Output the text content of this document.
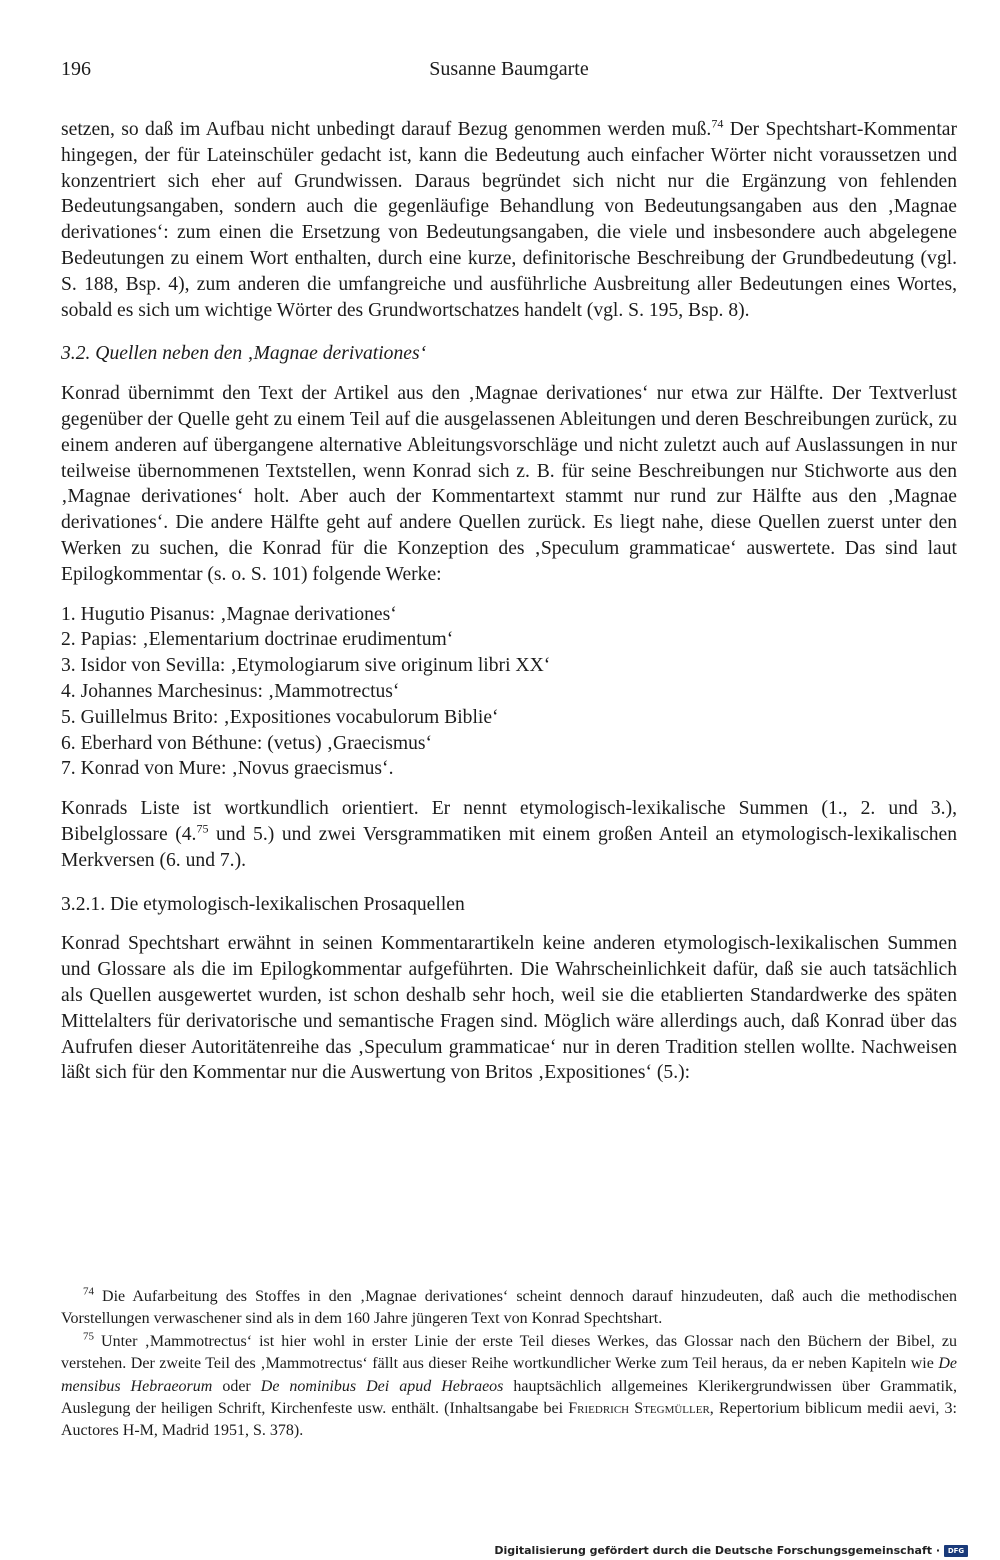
196	Susanne Baumgarte

setzen, so daß im Aufbau nicht unbedingt darauf Bezug genommen werden muß.$^{74}$ Der Spechtshart-Kommentar hingegen, der für Lateinschüler gedacht ist, kann die Bedeutung auch einfacher Wörter nicht voraussetzen und konzentriert sich eher auf Grundwissen. Daraus begründet sich nicht nur die Ergänzung von fehlenden Bedeutungsangaben, sondern auch die gegenläufige Behandlung von Bedeutungsangaben aus den ‚Magnae derivationes‘: zum einen die Ersetzung von Bedeutungsangaben, die viele und insbesondere auch abgelegene Bedeutungen zu einem Wort enthalten, durch eine kurze, definitorische Beschreibung der Grundbedeutung (vgl. S. 188, Bsp. 4), zum anderen die umfangreiche und ausführliche Ausbreitung aller Bedeutungen eines Wortes, sobald es sich um wichtige Wörter des Grundwortschatzes handelt (vgl. S. 195, Bsp. 8).

3.2. Quellen neben den ‚Magnae derivationes‘

Konrad übernimmt den Text der Artikel aus den ‚Magnae derivationes‘ nur etwa zur Hälfte. Der Textverlust gegenüber der Quelle geht zu einem Teil auf die ausgelassenen Ableitungen und deren Beschreibungen zurück, zu einem anderen auf übergangene alternative Ableitungsvorschläge und nicht zuletzt auch auf Auslassungen in nur teilweise übernommenen Textstellen, wenn Konrad sich z. B. für seine Beschreibungen nur Stichworte aus den ‚Magnae derivationes‘ holt. Aber auch der Kommentartext stammt nur rund zur Hälfte aus den ‚Magnae derivationes‘. Die andere Hälfte geht auf andere Quellen zurück. Es liegt nahe, diese Quellen zuerst unter den Werken zu suchen, die Konrad für die Konzeption des ‚Speculum grammaticae‘ auswertete. Das sind laut Epilogkommentar (s. o. S. 101) folgende Werke:

1. Hugutio Pisanus: ‚Magnae derivationes‘
2. Papias: ‚Elementarium doctrinae erudimentum‘
3. Isidor von Sevilla: ‚Etymologiarum sive originum libri XX‘
4. Johannes Marchesinus: ‚Mammotrectus‘
5. Guillelmus Brito: ‚Expositiones vocabulorum Biblie‘
6. Eberhard von Béthune: (vetus) ‚Graecismus‘
7. Konrad von Mure: ‚Novus graecismus‘.

Konrads Liste ist wortkundlich orientiert. Er nennt etymologisch-lexikalische Summen (1., 2. und 3.), Bibelglossare (4.75 und 5.) und zwei Versgrammatiken mit einem großen Anteil an etymologisch-lexikalischen Merkversen (6. und 7.).

3.2.1. Die etymologisch-lexikalischen Prosaquellen

Konrad Spechtshart erwähnt in seinen Kommentarartikeln keine anderen etymologisch-lexikalischen Summen und Glossare als die im Epilogkommentar aufgeführten. Die Wahrscheinlichkeit dafür, daß sie auch tatsächlich als Quellen ausgewertet wurden, ist schon deshalb sehr hoch, weil sie die etablierten Standardwerke des späten Mittelalters für derivatorische und semantische Fragen sind. Möglich wäre allerdings auch, daß Konrad über das Aufrufen dieser Autoritätenreihe das ‚Speculum grammaticae‘ nur in deren Tradition stellen wollte. Nachweisen läßt sich für den Kommentar nur die Auswertung von Britos ‚Expositiones‘ (5.):

$^{74}$ Die Aufarbeitung des Stoffes in den ‚Magnae derivationes‘ scheint dennoch darauf hinzudeuten, daß auch die methodischen Vorstellungen verwaschener sind als in dem 160 Jahre jüngeren Text von Konrad Spechtshart.

$^{75}$ Unter ‚Mammotrectus‘ ist hier wohl in erster Linie der erste Teil dieses Werkes, das Glossar nach den Büchern der Bibel, zu verstehen. Der zweite Teil des ‚Mammotrectus‘ fällt aus dieser Reihe wortkundlicher Werke zum Teil heraus, da er neben Kapiteln wie De mensibus Hebraeorum oder De nominibus Dei apud Hebraeos hauptsächlich allgemeines Klerikergrundwissen über Grammatik, Auslegung der heiligen Schrift, Kirchenfeste usw. enthält. (Inhaltsangabe bei Friedrich Stegmüller, Repertorium biblicum medii aevi, 3: Auctores H-M, Madrid 1951, S. 378).

Digitalisierung gefördert durch die Deutsche Forschungsgemeinschaft ·	DFG
